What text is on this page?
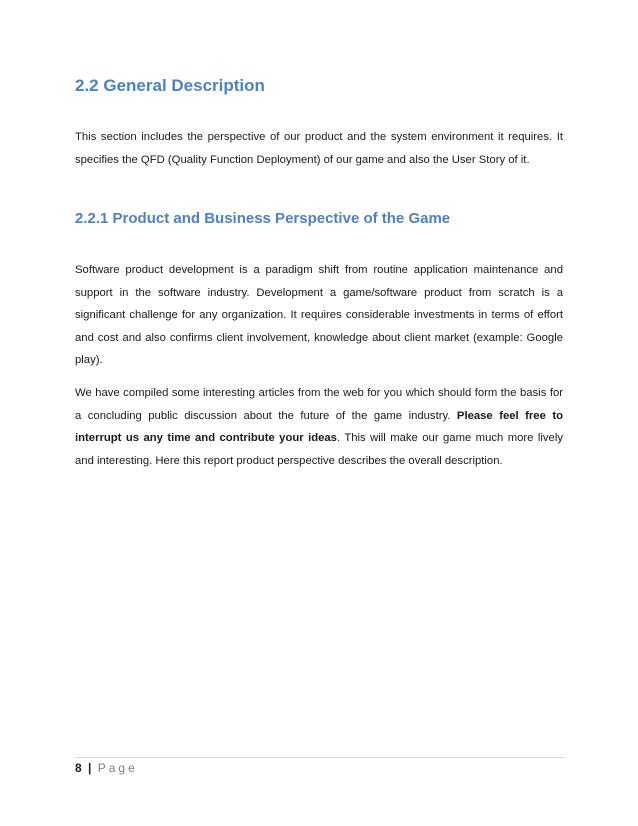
2.2 General Description

This section includes the perspective of our product and the system environment it requires. It specifies the QFD (Quality Function Deployment) of our game and also the User Story of it.

2.2.1 Product and Business Perspective of the Game

Software product development is a paradigm shift from routine application maintenance and support in the software industry. Development a game/software product from scratch is a significant challenge for any organization. It requires considerable investments in terms of effort and cost and also confirms client involvement, knowledge about client market (example: Google play).

We have compiled some interesting articles from the web for you which should form the basis for a concluding public discussion about the future of the game industry. Please feel free to interrupt us any time and contribute your ideas. This will make our game much more lively and interesting. Here this report product perspective describes the overall description.

8 | Page
